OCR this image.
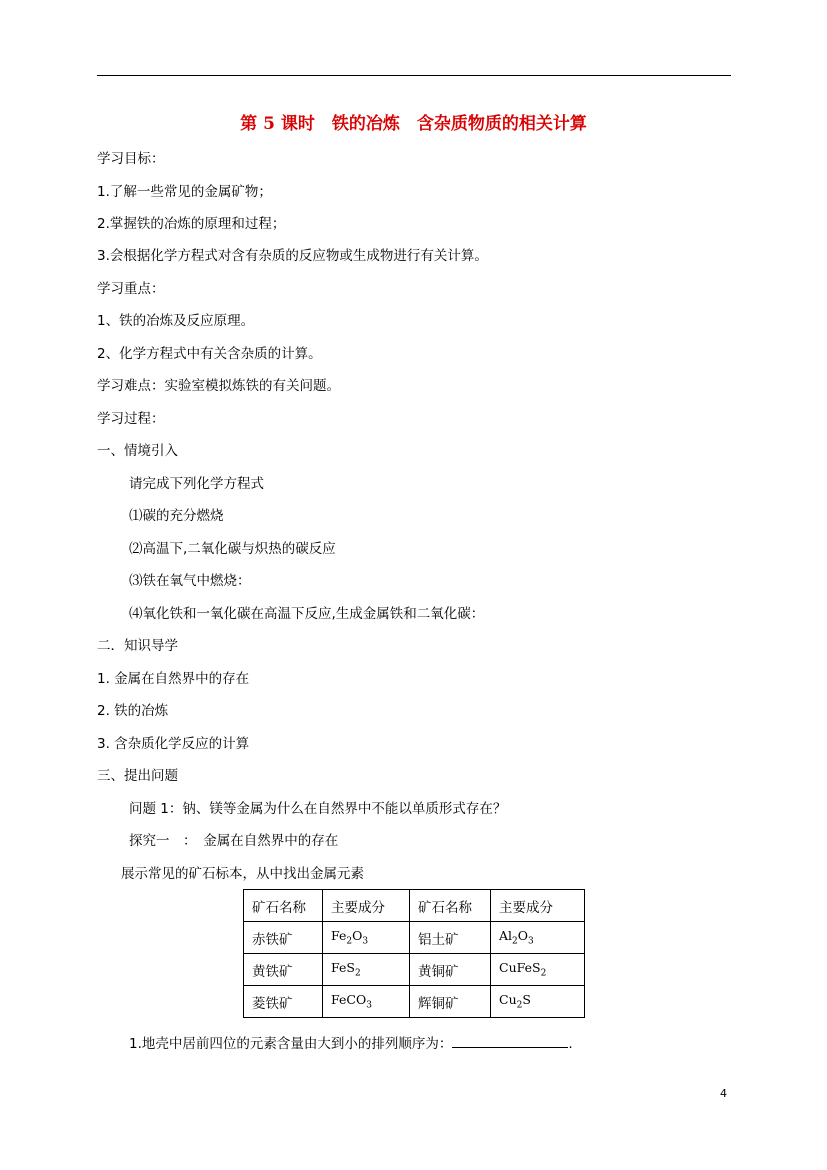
第 5 课时　铁的冶炼　含杂质物质的相关计算
学习目标：
1.了解一些常见的金属矿物；
2.掌握铁的冶炼的原理和过程；
3.会根据化学方程式对含有杂质的反应物或生成物进行有关计算。
学习重点：
1、铁的冶炼及反应原理。
2、化学方程式中有关含杂质的计算。
学习难点：实验室模拟炼铁的有关问题。
学习过程：
一、情境引入
请完成下列化学方程式
⑴碳的充分燃烧
⑵高温下,二氧化碳与炽热的碳反应
⑶铁在氧气中燃烧：
⑷氧化铁和一氧化碳在高温下反应,生成金属铁和二氧化碳：
二．知识导学
1. 金属在自然界中的存在
2. 铁的冶炼
3. 含杂质化学反应的计算
三、提出问题
问题 1：钠、镁等金属为什么在自然界中不能以单质形式存在？
探究一　：　金属在自然界中的存在
展示常见的矿石标本，从中找出金属元素
矿石名称	主要成分	矿石名称	主要成分
赤铁矿	$Fe_2O_3$	铝土矿	$Al_2O_3$
黄铁矿	FeS$_2$	黄铜矿	CuFeS$_2$
菱铁矿	FeCO$_3$	辉铜矿	$Cu_2S$
1.地壳中居前四位的元素含量由大到小的排列顺序为：	.
4
